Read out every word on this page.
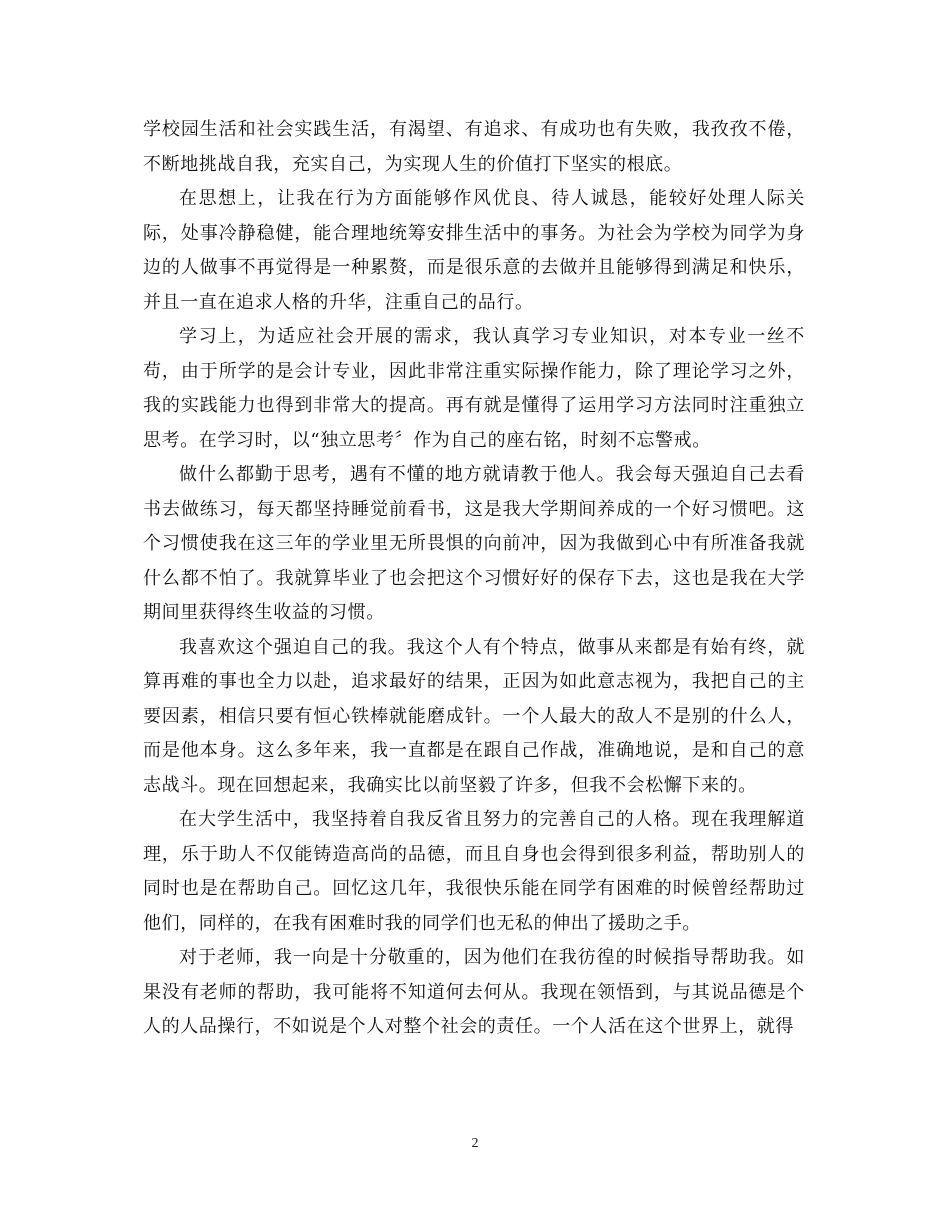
学校园生活和社会实践生活，有渴望、有追求、有成功也有失败，我孜孜不倦，不断地挑战自我，充实自己，为实现人生的价值打下坚实的根底。

在思想上，让我在行为方面能够作风优良、待人诚恳，能较好处理人际关际，处事冷静稳健，能合理地统筹安排生活中的事务。为社会为学校为同学为身边的人做事不再觉得是一种累赘，而是很乐意的去做并且能够得到满足和快乐，并且一直在追求人格的升华，注重自己的品行。

学习上，为适应社会开展的需求，我认真学习专业知识，对本专业一丝不苟，由于所学的是会计专业，因此非常注重实际操作能力，除了理论学习之外，我的实践能力也得到非常大的提高。再有就是懂得了运用学习方法同时注重独立思考。在学习时，以“独立思考〞作为自己的座右铭，时刻不忘警戒。

做什么都勤于思考，遇有不懂的地方就请教于他人。我会每天强迫自己去看书去做练习，每天都坚持睡觉前看书，这是我大学期间养成的一个好习惯吧。这个习惯使我在这三年的学业里无所畏惧的向前冲，因为我做到心中有所准备我就什么都不怕了。我就算毕业了也会把这个习惯好好的保存下去，这也是我在大学期间里获得终生收益的习惯。

我喜欢这个强迫自己的我。我这个人有个特点，做事从来都是有始有终，就算再难的事也全力以赴，追求最好的结果，正因为如此意志视为，我把自己的主要因素，相信只要有恒心铁棒就能磨成针。一个人最大的敌人不是别的什么人，而是他本身。这么多年来，我一直都是在跟自己作战，准确地说，是和自己的意志战斗。现在回想起来，我确实比以前坚毅了许多，但我不会松懈下来的。

在大学生活中，我坚持着自我反省且努力的完善自己的人格。现在我理解道理，乐于助人不仅能铸造高尚的品德，而且自身也会得到很多利益，帮助别人的同时也是在帮助自己。回忆这几年，我很快乐能在同学有困难的时候曾经帮助过他们，同样的，在我有困难时我的同学们也无私的伸出了援助之手。

对于老师，我一向是十分敬重的，因为他们在我彷徨的时候指导帮助我。如果没有老师的帮助，我可能将不知道何去何从。我现在领悟到，与其说品德是个人的人品操行，不如说是个人对整个社会的责任。一个人活在这个世界上，就得

2
